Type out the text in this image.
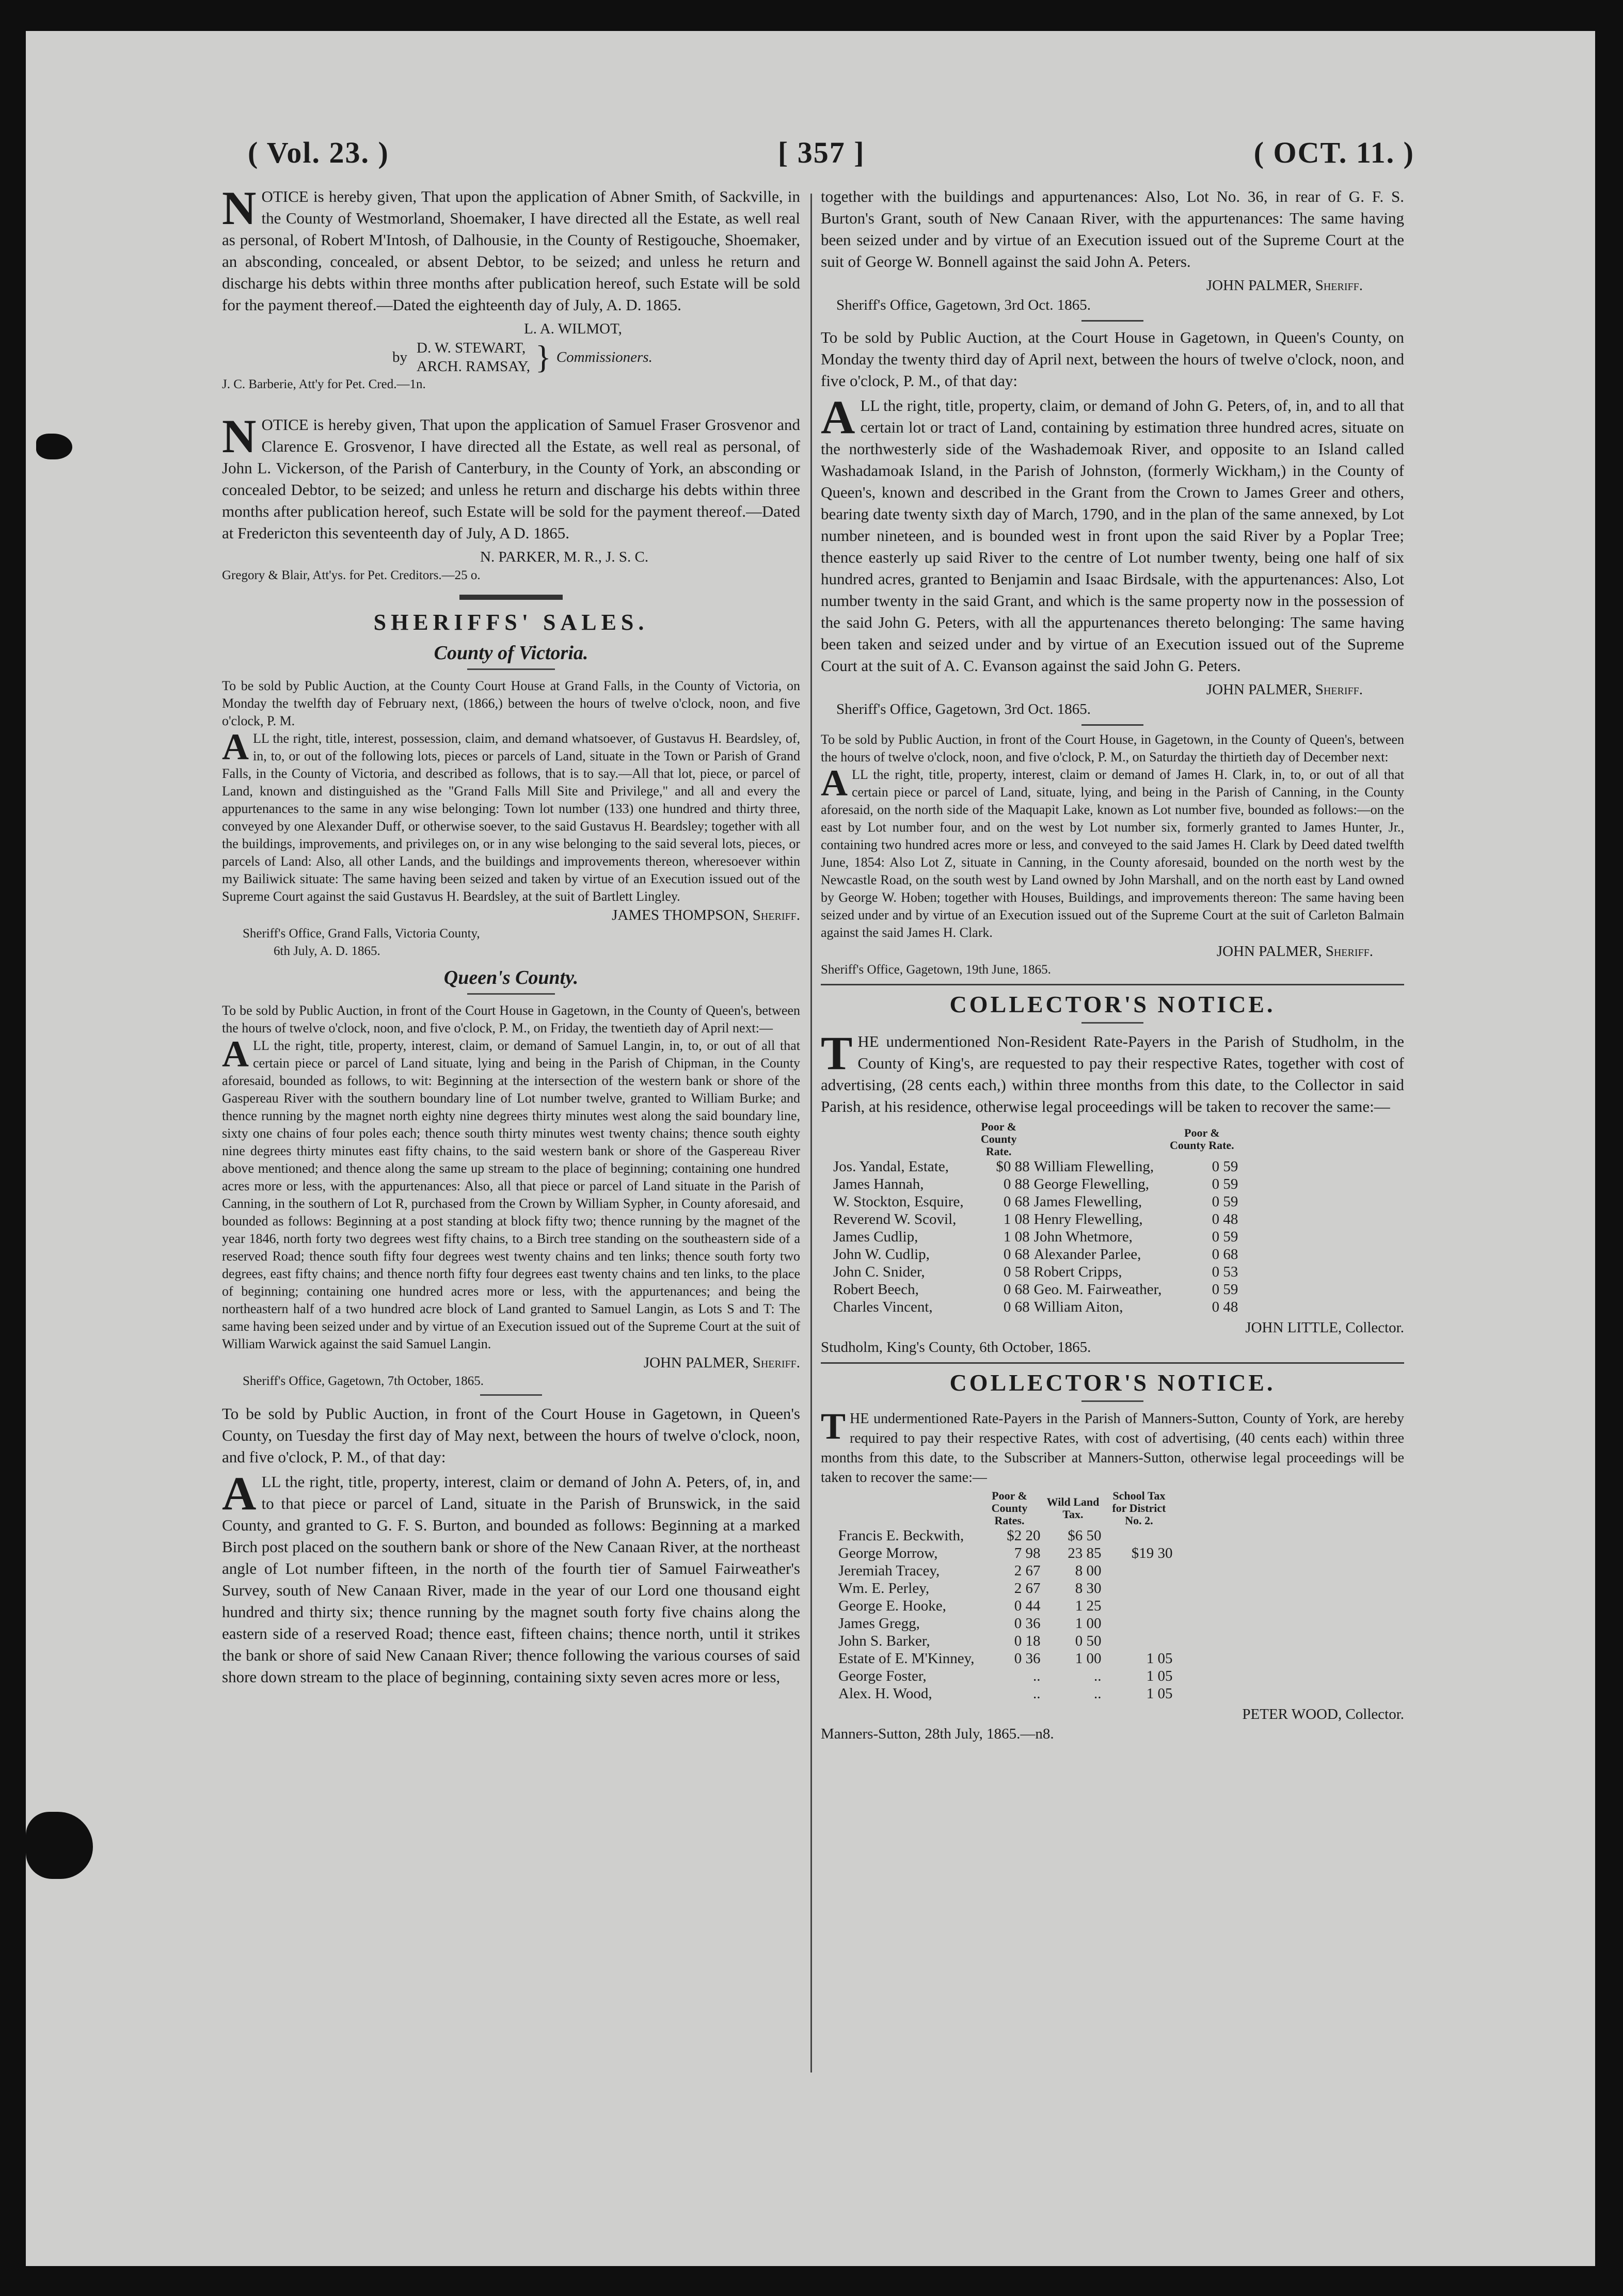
( Vol. 23. )	[ 357 ]	( OCT. 11. )

NOTICE is hereby given, That upon the application of Abner Smith, of Sackville, in the County of Westmorland, Shoemaker, I have directed all the Estate, as well real as personal, of Robert M'Intosh, of Dalhousie, in the County of Restigouche, Shoemaker, an absconding, concealed, or absent Debtor, to be seized; and unless he return and discharge his debts within three months after publication hereof, such Estate will be sold for the payment thereof.—Dated the eighteenth day of July, A. D. 1865.

L. A. WILMOT,
by
D. W. STEWART,
ARCH. RAMSAY, } Commissioners.
J. C. Barberie, Att'y for Pet. Cred.—1n.

NOTICE is hereby given, That upon the application of Samuel Fraser Grosvenor and Clarence E. Grosvenor, I have directed all the Estate, as well real as personal, of John L. Vickerson, of the Parish of Canterbury, in the County of York, an absconding or concealed Debtor, to be seized; and unless he return and discharge his debts within three months after publication hereof, such Estate will be sold for the payment thereof.—Dated at Fredericton this seventeenth day of July, A D. 1865.

N. PARKER, M. R., J. S. C.
Gregory & Blair, Att'ys. for Pet. Creditors.—25 o.
SHERIFFS' SALES.
County of Victoria.

To be sold by Public Auction, at the County Court House at Grand Falls, in the County of Victoria, on Monday the twelfth day of February next, (1866,) between the hours of twelve o'clock, noon, and five o'clock, P. M.

ALL the right, title, interest, possession, claim, and demand whatsoever, of Gustavus H. Beardsley, of, in, to, or out of the following lots, pieces or parcels of Land, situate in the Town or Parish of Grand Falls, in the County of Victoria, and described as follows, that is to say.—All that lot, piece, or parcel of Land, known and distinguished as the "Grand Falls Mill Site and Privilege," and all and every the appurtenances to the same in any wise belonging: Town lot number (133) one hundred and thirty three, conveyed by one Alexander Duff, or otherwise soever, to the said Gustavus H. Beardsley; together with all the buildings, improvements, and privileges on, or in any wise belonging to the said several lots, pieces, or parcels of Land: Also, all other Lands, and the buildings and improvements thereon, wheresoever within my Bailiwick situate: The same having been seized and taken by virtue of an Execution issued out of the Supreme Court against the said Gustavus H. Beardsley, at the suit of Bartlett Lingley.

JAMES THOMPSON, Sheriff.
Sheriff's Office, Grand Falls, Victoria County,
6th July, A. D. 1865.
Queen's County.

To be sold by Public Auction, in front of the Court House in Gagetown, in the County of Queen's, between the hours of twelve o'clock, noon, and five o'clock, P. M., on Friday, the twentieth day of April next:—

ALL the right, title, property, interest, claim, or demand of Samuel Langin, in, to, or out of all that certain piece or parcel of Land situate, lying and being in the Parish of Chipman, in the County aforesaid, bounded as follows, to wit: Beginning at the intersection of the western bank or shore of the Gaspereau River with the southern boundary line of Lot number twelve, granted to William Burke; and thence running by the magnet north eighty nine degrees thirty minutes west along the said boundary line, sixty one chains of four poles each; thence south thirty minutes west twenty chains; thence south eighty nine degrees thirty minutes east fifty chains, to the said western bank or shore of the Gaspereau River above mentioned; and thence along the same up stream to the place of beginning; containing one hundred acres more or less, with the appurtenances: Also, all that piece or parcel of Land situate in the Parish of Canning, in the southern of Lot R, purchased from the Crown by William Sypher, in County aforesaid, and bounded as follows: Beginning at a post standing at block fifty two; thence running by the magnet of the year 1846, north forty two degrees west fifty chains, to a Birch tree standing on the southeastern side of a reserved Road; thence south fifty four degrees west twenty chains and ten links; thence south forty two degrees, east fifty chains; and thence north fifty four degrees east twenty chains and ten links, to the place of beginning; containing one hundred acres more or less, with the appurtenances; and being the northeastern half of a two hundred acre block of Land granted to Samuel Langin, as Lots S and T: The same having been seized under and by virtue of an Execution issued out of the Supreme Court at the suit of William Warwick against the said Samuel Langin.

JOHN PALMER, Sheriff.
Sheriff's Office, Gagetown, 7th October, 1865.

To be sold by Public Auction, in front of the Court House in Gagetown, in Queen's County, on Tuesday the first day of May next, between the hours of twelve o'clock, noon, and five o'clock, P. M., of that day:

ALL the right, title, property, interest, claim or demand of John A. Peters, of, in, and to that piece or parcel of Land, situate in the Parish of Brunswick, in the said County, and granted to G. F. S. Burton, and bounded as follows: Beginning at a marked Birch post placed on the southern bank or shore of the New Canaan River, at the northeast angle of Lot number fifteen, in the north of the fourth tier of Samuel Fairweather's Survey, south of New Canaan River, made in the year of our Lord one thousand eight hundred and thirty six; thence running by the magnet south forty five chains along the eastern side of a reserved Road; thence east, fifteen chains; thence north, until it strikes the bank or shore of said New Canaan River; thence following the various courses of said shore down stream to the place of beginning, containing sixty seven acres more or less,

together with the buildings and appurtenances: Also, Lot No. 36, in rear of G. F. S. Burton's Grant, south of New Canaan River, with the appurtenances: The same having been seized under and by virtue of an Execution issued out of the Supreme Court at the suit of George W. Bonnell against the said John A. Peters.

JOHN PALMER, Sheriff.
Sheriff's Office, Gagetown, 3rd Oct. 1865.

To be sold by Public Auction, at the Court House in Gagetown, in Queen's County, on Monday the twenty third day of April next, between the hours of twelve o'clock, noon, and five o'clock, P. M., of that day:

ALL the right, title, property, claim, or demand of John G. Peters, of, in, and to all that certain lot or tract of Land, containing by estimation three hundred acres, situate on the northwesterly side of the Washademoak River, and opposite to an Island called Washadamoak Island, in the Parish of Johnston, (formerly Wickham,) in the County of Queen's, known and described in the Grant from the Crown to James Greer and others, bearing date twenty sixth day of March, 1790, and in the plan of the same annexed, by Lot number nineteen, and is bounded west in front upon the said River by a Poplar Tree; thence easterly up said River to the centre of Lot number twenty, being one half of six hundred acres, granted to Benjamin and Isaac Birdsale, with the appurtenances: Also, Lot number twenty in the said Grant, and which is the same property now in the possession of the said John G. Peters, with all the appurtenances thereto belonging: The same having been taken and seized under and by virtue of an Execution issued out of the Supreme Court at the suit of A. C. Evanson against the said John G. Peters.

JOHN PALMER, Sheriff.
Sheriff's Office, Gagetown, 3rd Oct. 1865.

To be sold by Public Auction, in front of the Court House, in Gagetown, in the County of Queen's, between the hours of twelve o'clock, noon, and five o'clock, P. M., on Saturday the thirtieth day of December next:

ALL the right, title, property, interest, claim or demand of James H. Clark, in, to, or out of all that certain piece or parcel of Land, situate, lying, and being in the Parish of Canning, in the County aforesaid, on the north side of the Maquapit Lake, known as Lot number five, bounded as follows:—on the east by Lot number four, and on the west by Lot number six, formerly granted to James Hunter, Jr., containing two hundred acres more or less, and conveyed to the said James H. Clark by Deed dated twelfth June, 1854: Also Lot Z, situate in Canning, in the County aforesaid, bounded on the north west by the Newcastle Road, on the south west by Land owned by John Marshall, and on the north east by Land owned by George W. Hoben; together with Houses, Buildings, and improvements thereon: The same having been seized under and by virtue of an Execution issued out of the Supreme Court at the suit of Carleton Balmain against the said James H. Clark.

JOHN PALMER, Sheriff.
Sheriff's Office, Gagetown, 19th June, 1865.
COLLECTOR'S NOTICE.

THE undermentioned Non-Resident Rate-Payers in the Parish of Studholm, in the County of King's, are requested to pay their respective Rates, together with cost of advertising, (28 cents each,) within three months from this date, to the Collector in said Parish, at his residence, otherwise legal proceedings will be taken to recover the same:—

	Poor & County Rate.		Poor & County Rate.
Jos. Yandal, Estate,	$0 88	William Flewelling,	0 59
James Hannah,	0 88	George Flewelling,	0 59
W. Stockton, Esquire,	0 68	James Flewelling,	0 59
Reverend W. Scovil,	1 08	Henry Flewelling,	0 48
James Cudlip,	1 08	John Whetmore,	0 59
John W. Cudlip,	0 68	Alexander Parlee,	0 68
John C. Snider,	0 58	Robert Cripps,	0 53
Robert Beech,	0 68	Geo. M. Fairweather,	0 59
Charles Vincent,	0 68	William Aiton,	0 48
JOHN LITTLE, Collector.
Studholm, King's County, 6th October, 1865.
COLLECTOR'S NOTICE.

THE undermentioned Rate-Payers in the Parish of Manners-Sutton, County of York, are hereby required to pay their respective Rates, with cost of advertising, (40 cents each) within three months from this date, to the Subscriber at Manners-Sutton, otherwise legal proceedings will be taken to recover the same:—

	Poor & County Rates.	Wild Land Tax.	School Tax for District No. 2.
Francis E. Beckwith,	$2 20	$6 50	
George Morrow,	7 98	23 85	$19 30
Jeremiah Tracey,	2 67	8 00	
Wm. E. Perley,	2 67	8 30	
George E. Hooke,	0 44	1 25	
James Gregg,	0 36	1 00	
John S. Barker,	0 18	0 50	
Estate of E. M'Kinney,	0 36	1 00	1 05
George Foster,	..	..	1 05
Alex. H. Wood,	..	..	1 05
PETER WOOD, Collector.
Manners-Sutton, 28th July, 1865.—n8.
